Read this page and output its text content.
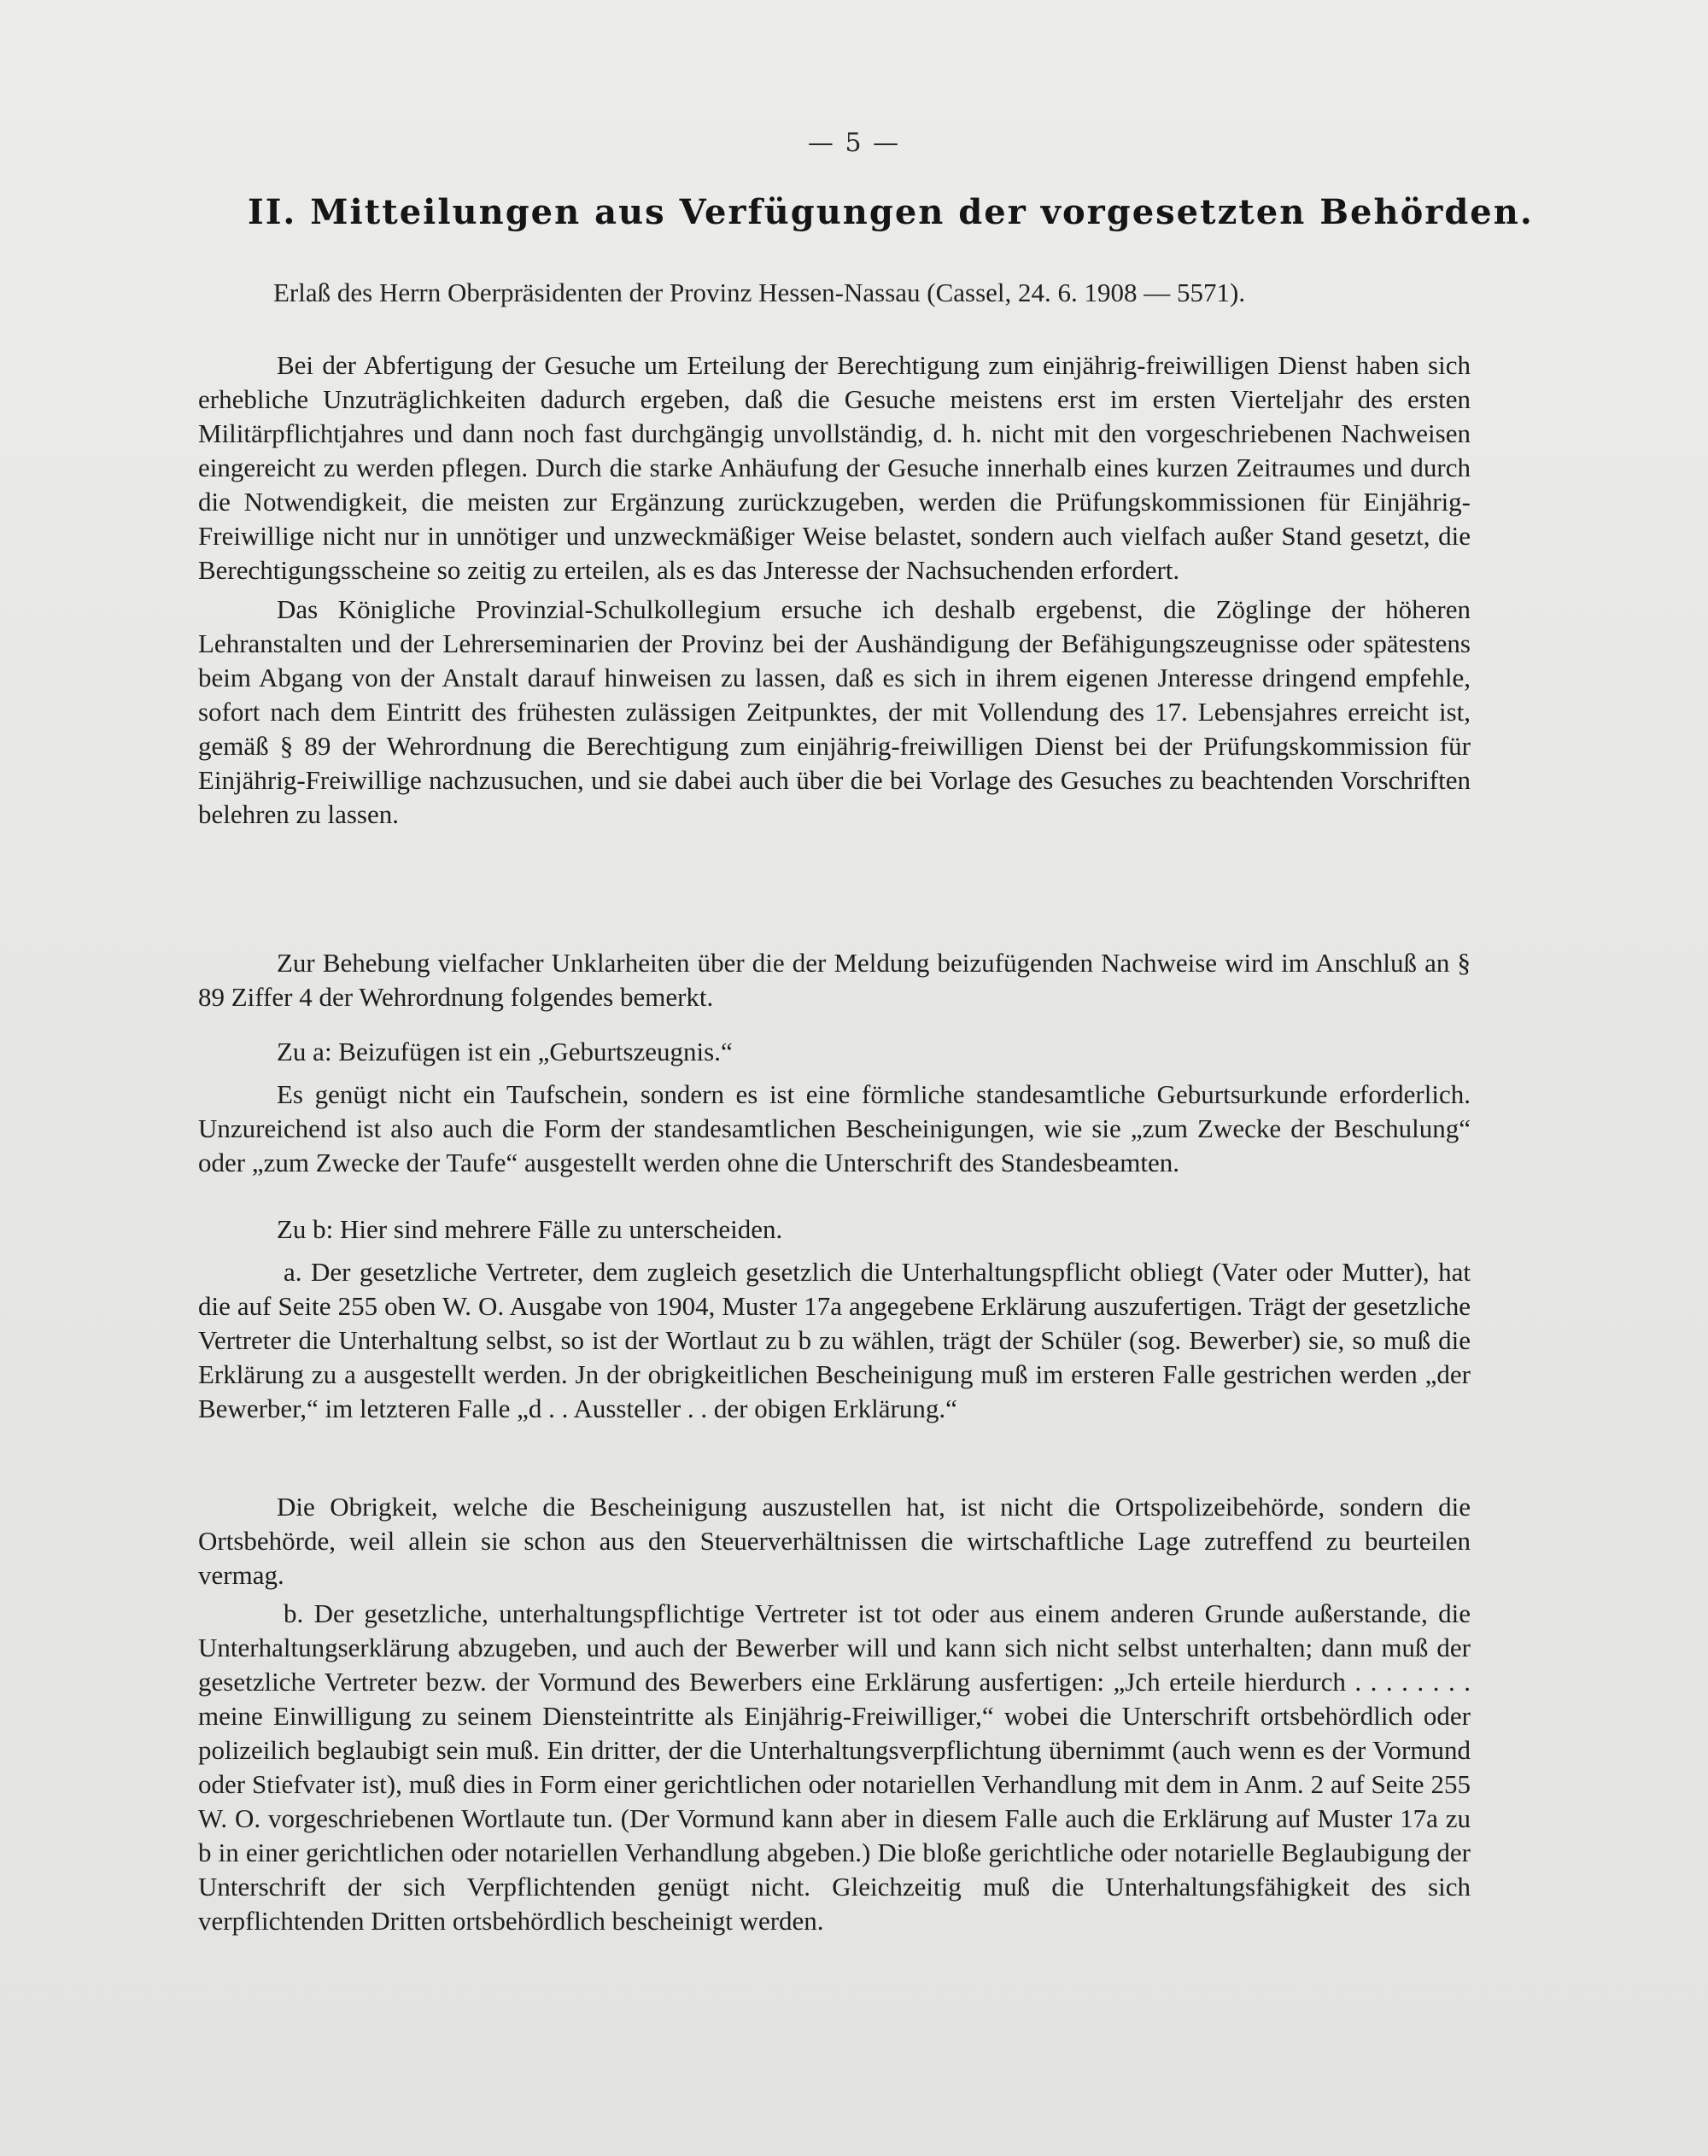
— 5 —
II. Mitteilungen aus Verfügungen der vorgesetzten Behörden.
Erlaß des Herrn Oberpräsidenten der Provinz Hessen-Nassau (Cassel, 24. 6. 1908 — 5571).

Bei der Abfertigung der Gesuche um Erteilung der Berechtigung zum einjährig-freiwilligen Dienst haben sich erhebliche Unzuträglichkeiten dadurch ergeben, daß die Gesuche meistens erst im ersten Vierteljahr des ersten Militärpflichtjahres und dann noch fast durchgängig unvollständig, d. h. nicht mit den vorgeschriebenen Nachweisen eingereicht zu werden pflegen. Durch die starke Anhäufung der Gesuche innerhalb eines kurzen Zeitraumes und durch die Notwendigkeit, die meisten zur Ergänzung zurückzugeben, werden die Prüfungskommissionen für Einjährig-Freiwillige nicht nur in unnötiger und unzweckmäßiger Weise belastet, sondern auch vielfach außer Stand gesetzt, die Berechtigungsscheine so zeitig zu erteilen, als es das Jnteresse der Nachsuchenden erfordert.

Das Königliche Provinzial-Schulkollegium ersuche ich deshalb ergebenst, die Zöglinge der höheren Lehranstalten und der Lehrerseminarien der Provinz bei der Aushändigung der Befähigungszeugnisse oder spätestens beim Abgang von der Anstalt darauf hinweisen zu lassen, daß es sich in ihrem eigenen Jnteresse dringend empfehle, sofort nach dem Eintritt des frühesten zulässigen Zeitpunktes, der mit Vollendung des 17. Lebensjahres erreicht ist, gemäß § 89 der Wehrordnung die Berechtigung zum einjährig-freiwilligen Dienst bei der Prüfungskommission für Einjährig-Freiwillige nachzusuchen, und sie dabei auch über die bei Vorlage des Gesuches zu beachtenden Vorschriften belehren zu lassen.

Zur Behebung vielfacher Unklarheiten über die der Meldung beizufügenden Nachweise wird im Anschluß an § 89 Ziffer 4 der Wehrordnung folgendes bemerkt.

Zu a: Beizufügen ist ein „Geburtszeugnis.“

Es genügt nicht ein Taufschein, sondern es ist eine förmliche standesamtliche Geburtsurkunde erforderlich. Unzureichend ist also auch die Form der standesamtlichen Bescheinigungen, wie sie „zum Zwecke der Beschulung“ oder „zum Zwecke der Taufe“ ausgestellt werden ohne die Unterschrift des Standesbeamten.

Zu b: Hier sind mehrere Fälle zu unterscheiden.

a. Der gesetzliche Vertreter, dem zugleich gesetzlich die Unterhaltungspflicht obliegt (Vater oder Mutter), hat die auf Seite 255 oben W. O. Ausgabe von 1904, Muster 17a angegebene Erklärung auszufertigen. Trägt der gesetzliche Vertreter die Unterhaltung selbst, so ist der Wortlaut zu b zu wählen, trägt der Schüler (sog. Bewerber) sie, so muß die Erklärung zu a ausgestellt werden. Jn der obrigkeitlichen Bescheinigung muß im ersteren Falle gestrichen werden „der Bewerber,“ im letzteren Falle „d . . Aussteller . . der obigen Erklärung.“

Die Obrigkeit, welche die Bescheinigung auszustellen hat, ist nicht die Ortspolizeibehörde, sondern die Ortsbehörde, weil allein sie schon aus den Steuerverhältnissen die wirtschaftliche Lage zutreffend zu beurteilen vermag.

b. Der gesetzliche, unterhaltungspflichtige Vertreter ist tot oder aus einem anderen Grunde außerstande, die Unterhaltungserklärung abzugeben, und auch der Bewerber will und kann sich nicht selbst unterhalten; dann muß der gesetzliche Vertreter bezw. der Vormund des Bewerbers eine Erklärung ausfertigen: „Jch erteile hierdurch . . . . . . . . meine Einwilligung zu seinem Diensteintritte als Einjährig-Freiwilliger,“ wobei die Unterschrift ortsbehördlich oder polizeilich beglaubigt sein muß. Ein dritter, der die Unterhaltungsverpflichtung übernimmt (auch wenn es der Vormund oder Stiefvater ist), muß dies in Form einer gerichtlichen oder notariellen Verhandlung mit dem in Anm. 2 auf Seite 255 W. O. vorgeschriebenen Wortlaute tun. (Der Vormund kann aber in diesem Falle auch die Erklärung auf Muster 17a zu b in einer gerichtlichen oder notariellen Verhandlung abgeben.) Die bloße gerichtliche oder notarielle Beglaubigung der Unterschrift der sich Verpflichtenden genügt nicht. Gleichzeitig muß die Unterhaltungsfähigkeit des sich verpflichtenden Dritten ortsbehördlich bescheinigt werden.
